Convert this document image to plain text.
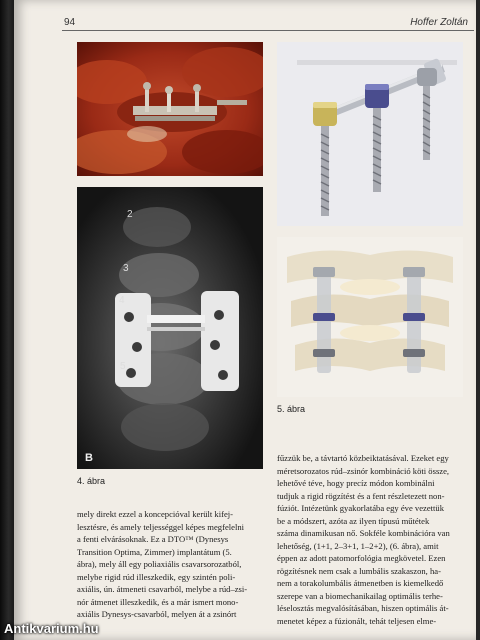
94	Hoffer Zoltán
2
3
4
5
B
5. ábra
4. ábra
mely direkt ezzel a koncepcióval került kifej-
lesztésre, és amely teljességgel képes megfelelni
a fenti elvárásoknak. Ez a DTO™ (Dynesys
Transition Optima, Zimmer) implantátum (5.
ábra), mely áll egy poliaxiális csavarsorozatból,
melybe rigid rúd illeszkedik, egy szintén poli-
axiális, ún. átmeneti csavarból, melybe a rúd–zsi-
nór átmenet illeszkedik, és a már ismert mono-
axiális Dynesys-csavarból, melyen át a zsinórt
fűzzük be, a távtartó közbeiktatásával. Ezeket egy
méretsorozatos rúd–zsinór kombináció köti össze,
lehetővé téve, hogy precíz módon kombinálni
tudjuk a rigid rögzítést és a fent részletezett non-
fúziót. Intézetünk gyakorlatába egy éve vezettük
be a módszert, azóta az ilyen típusú műtétek
száma dinamikusan nő. Sokféle kombinációra van
lehetőség, (1+1, 2–3+1, 1–2+2), (6. ábra), amit
éppen az adott patomorfológia megkövetel. Ezen
rögzítésnek nem csak a lumbális szakaszon, ha-
nem a torakolumbális átmenetben is kiemelkedő
szerepe van a biomechanikailag optimális terhe-
léselosztás megvalósításában, hiszen optimális át-
menetet képez a fúzionált, tehát teljesen elme-
Antikvarium.hu
